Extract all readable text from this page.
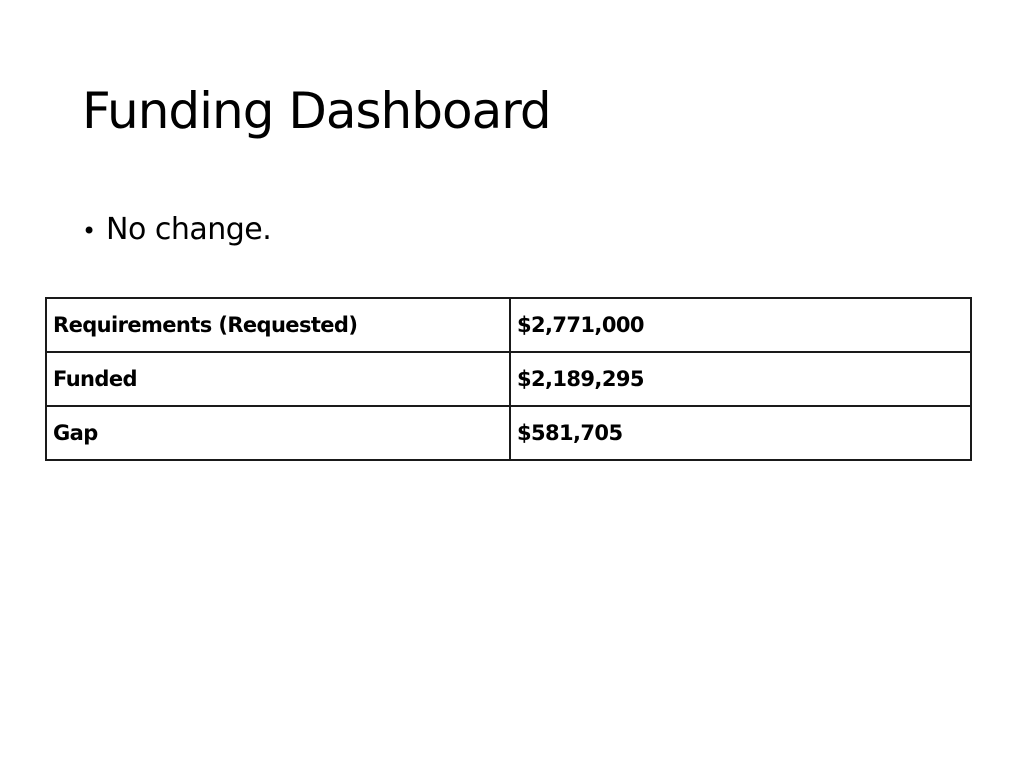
Funding Dashboard
• No change.
Requirements (Requested)	$2,771,000
Funded	$2,189,295
Gap	$581,705
